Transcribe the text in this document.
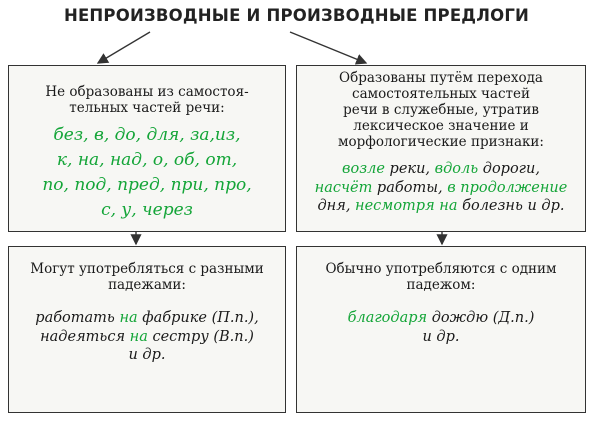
НЕПРОИЗВОДНЫЕ И ПРОИЗВОДНЫЕ ПРЕДЛОГИ
Не образованы из самостоя-
тельных частей речи:
без, в, до, для, за,из,
к, на, над, о, об, от,
по, под, пред, при, про,
с, у, через
Образованы путём перехода
самостоятельных частей
речи в служебные, утратив
лексическое значение и
морфологические признаки:
возле реки, вдоль дороги,
насчёт работы, в продолжение
дня, несмотря на болезнь и др.
Могут употребляться с разными
падежами:
работать на фабрике (П.п.),
надеяться на сестру (В.п.)
и др.
Обычно употребляются с одним
падежом:
благодаря дождю (Д.п.)
и др.
